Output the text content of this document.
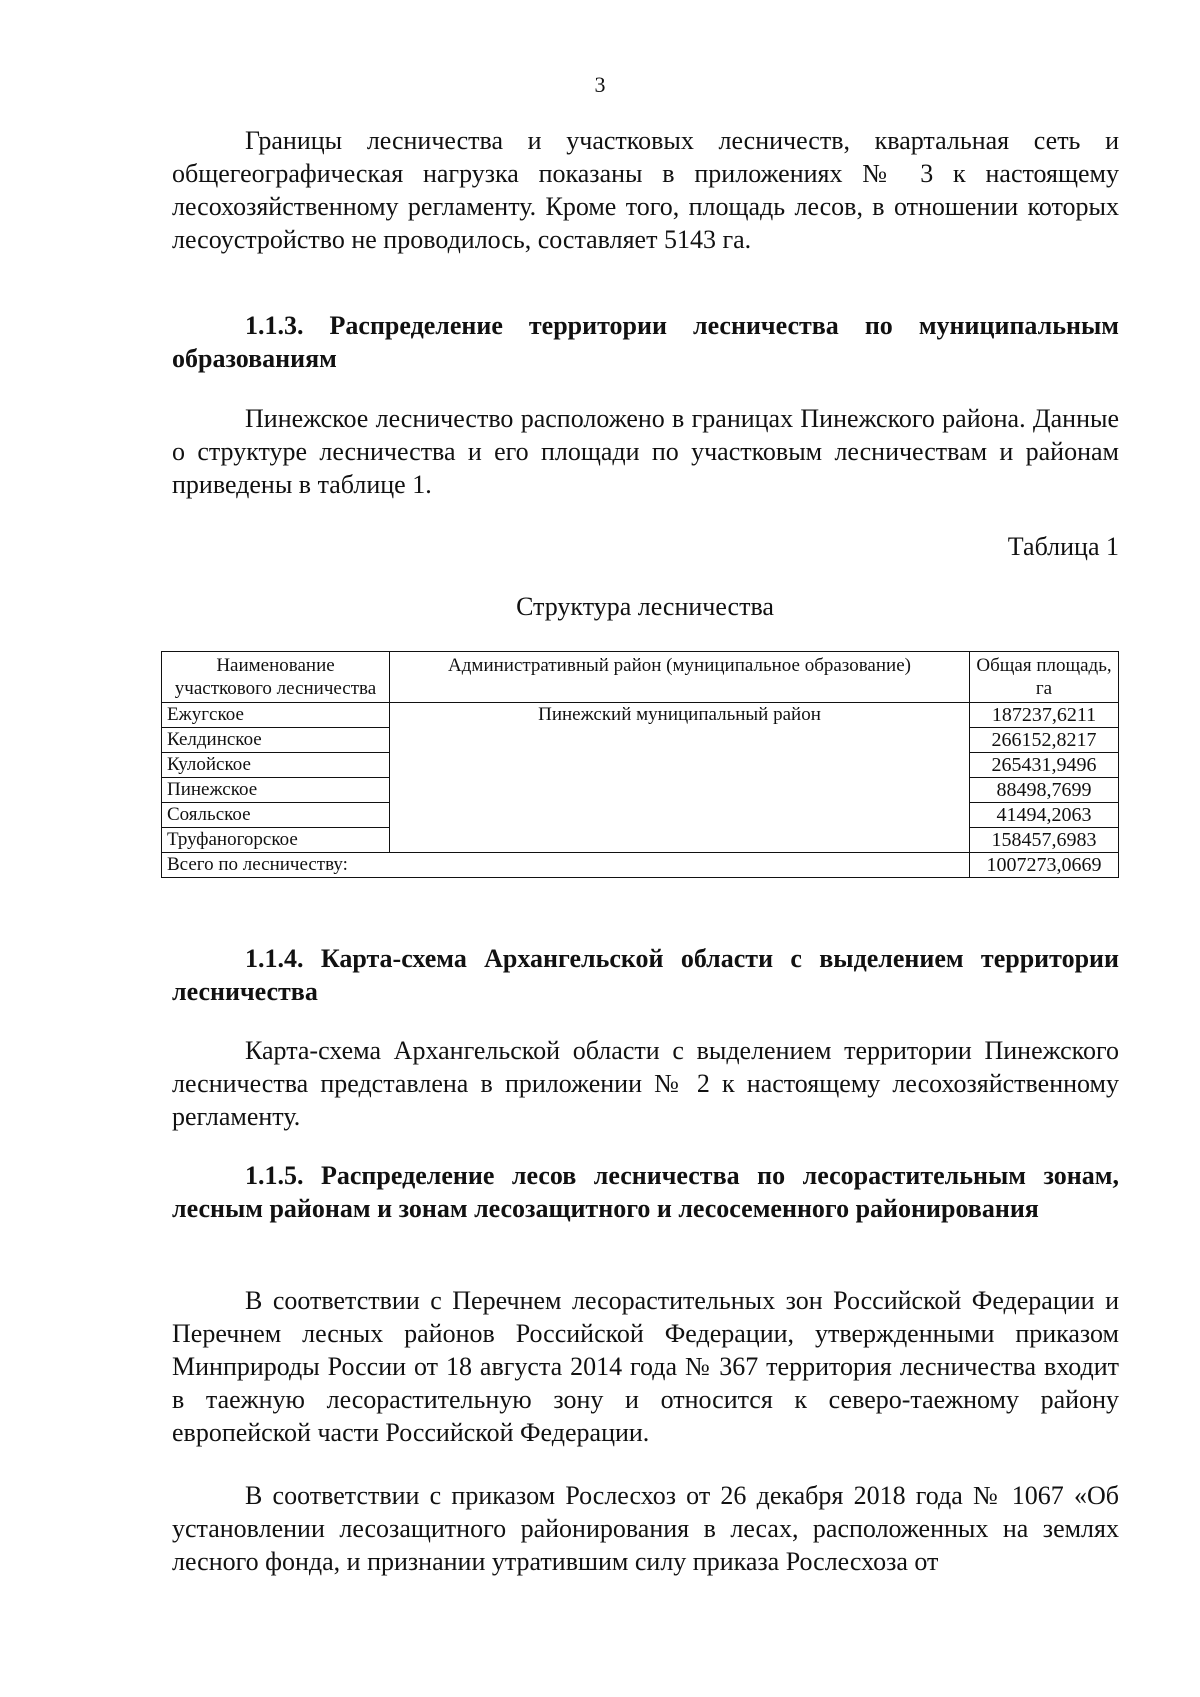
3

Границы лесничества и участковых лесничеств, квартальная сеть и общегеографическая нагрузка показаны в приложениях № 3 к настоящему лесохозяйственному регламенту. Кроме того, площадь лесов, в отношении которых лесоустройство не проводилось, составляет 5143 га.

1.1.3. Распределение территории лесничества по муниципальным образованиям

Пинежское лесничество расположено в границах Пинежского района. Данные о структуре лесничества и его площади по участковым лесничествам и районам приведены в таблице 1.

Таблица 1
Структура лесничества
Наименование участкового лесничества	Административный район (муниципальное образование)	Общая площадь, га
Ежугское	Пинежский муниципальный район	187237,6211
Келдинское		266152,8217
Кулойское		265431,9496
Пинежское		88498,7699
Сояльское		41494,2063
Труфаногорское		158457,6983
Всего по лесничеству:		1007273,0669

1.1.4. Карта-схема Архангельской области с выделением территории лесничества

Карта-схема Архангельской области с выделением территории Пинежского лесничества представлена в приложении № 2 к настоящему лесохозяйственному регламенту.

1.1.5. Распределение лесов лесничества по лесорастительным зонам, лесным районам и зонам лесозащитного и лесосеменного районирования

В соответствии с Перечнем лесорастительных зон Российской Федерации и Перечнем лесных районов Российской Федерации, утвержденными приказом Минприроды России от 18 августа 2014 года № 367 территория лесничества входит в таежную лесорастительную зону и относится к северо-таежному району европейской части Российской Федерации.

В соответствии с приказом Рослесхоз от 26 декабря 2018 года № 1067 «Об установлении лесозащитного районирования в лесах, расположенных на землях лесного фонда, и признании утратившим силу приказа Рослесхоза от
